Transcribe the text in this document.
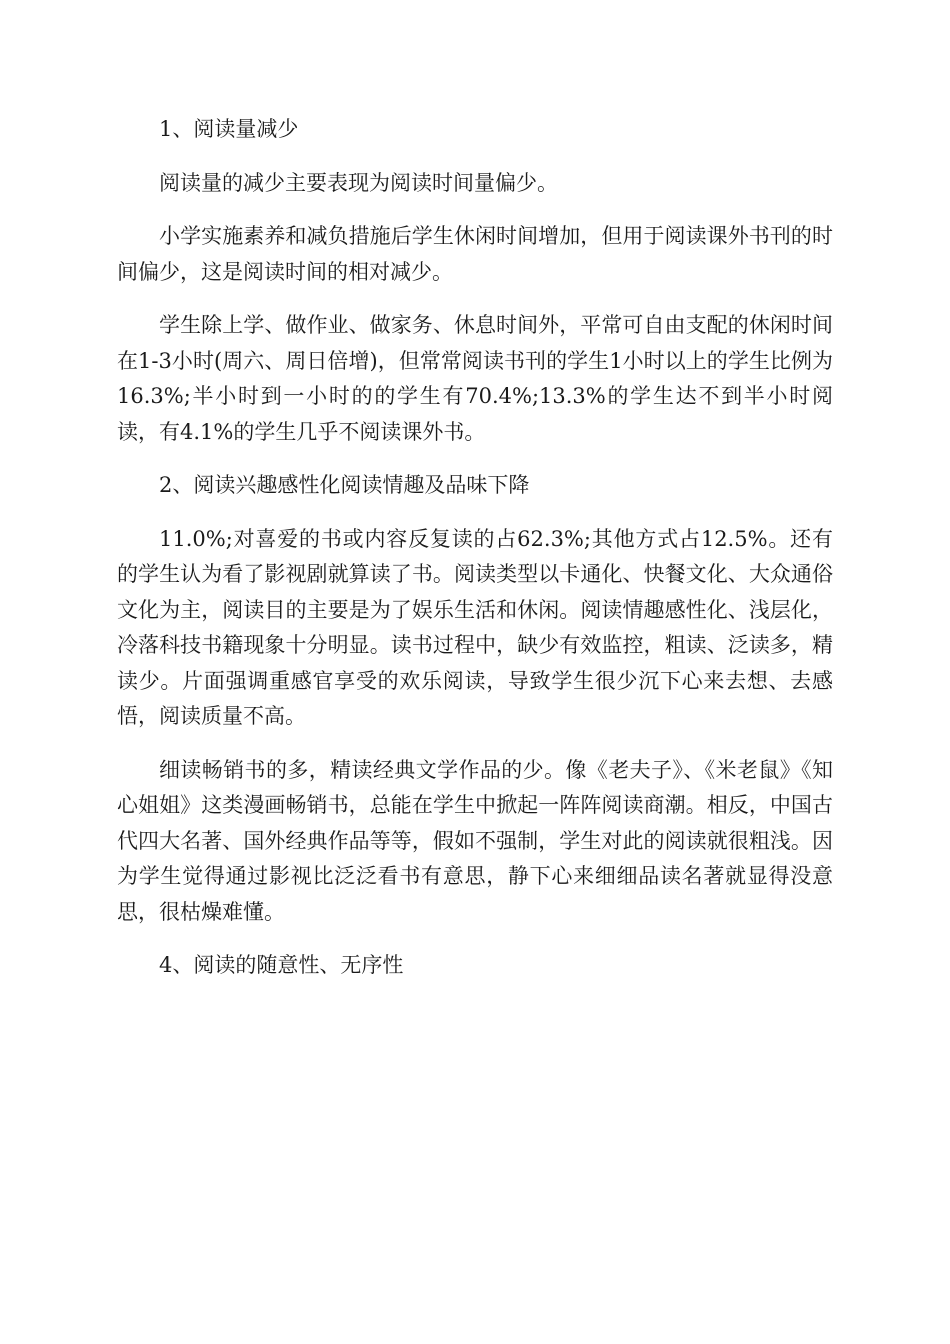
1、阅读量减少

阅读量的减少主要表现为阅读时间量偏少。

小学实施素养和减负措施后学生休闲时间增加，但用于阅读课外书刊的时间偏少，这是阅读时间的相对减少。

学生除上学、做作业、做家务、休息时间外，平常可自由支配的休闲时间在1-3小时(周六、周日倍增)，但常常阅读书刊的学生1小时以上的学生比例为16.3%;半小时到一小时的的学生有70.4%;13.3%的学生达不到半小时阅读，有4.1%的学生几乎不阅读课外书。

2、阅读兴趣感性化阅读情趣及品味下降

11.0%;对喜爱的书或内容反复读的占62.3%;其他方式占12.5%。还有的学生认为看了影视剧就算读了书。阅读类型以卡通化、快餐文化、大众通俗文化为主，阅读目的主要是为了娱乐生活和休闲。阅读情趣感性化、浅层化，冷落科技书籍现象十分明显。读书过程中，缺少有效监控，粗读、泛读多，精读少。片面强调重感官享受的欢乐阅读，导致学生很少沉下心来去想、去感悟，阅读质量不高。

细读畅销书的多，精读经典文学作品的少。像《老夫子》、《米老鼠》《知心姐姐》这类漫画畅销书，总能在学生中掀起一阵阵阅读商潮。相反，中国古代四大名著、国外经典作品等等，假如不强制，学生对此的阅读就很粗浅。因为学生觉得通过影视比泛泛看书有意思，静下心来细细品读名著就显得没意思，很枯燥难懂。

4、阅读的随意性、无序性
